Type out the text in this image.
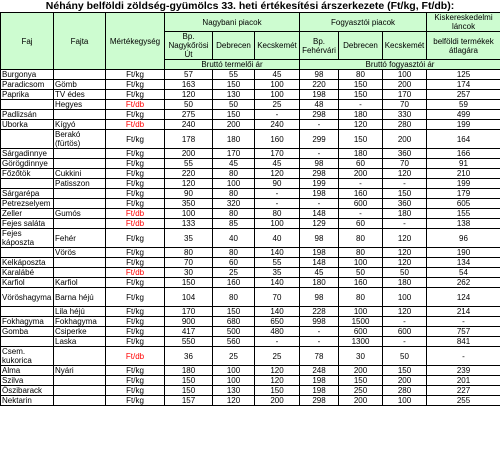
Néhány belföldi zöldség-gyümölcs 33. heti értékesítési árszerkezete (Ft/kg, Ft/db):
Faj	Fajta	Mértékegység	Nagybani piacok			Fogyasztói piacok			Kiskereskedelmi láncok
			Bp. Nagykőrösi Út	Debrecen	Kecskemét	Bp. Fehérvári	Debrecen	Kecskemét	belföldi termékek átlagára
			Bruttó termelői ár			Bruttó fogyasztói ár			
Burgonya		Ft/kg	57	55	45	98	80	100	125
Paradicsom	Gömb	Ft/kg	163	150	100	220	150	200	174
Paprika	TV édes	Ft/kg	120	130	100	198	150	170	257
	Hegyes	Ft/db	50	50	25	48	-	70	59
Padlizsán		Ft/kg	275	150	-	298	180	330	499
Uborka	Kígyó	Ft/db	240	200	240	-	120	280	199
	Berakó (fürtös)	Ft/kg	178	180	160	299	150	200	164
Sárgadinnye		Ft/kg	200	170	170	-	180	360	166
Görögdinnye		Ft/kg	55	45	45	98	60	70	91
Főzőtök	Cukkini	Ft/kg	220	80	120	298	200	120	210
	Patisszon	Ft/kg	120	100	90	199	-	-	199
Sárgarépa		Ft/kg	90	80	-	198	160	150	179
Petrezselyem		Ft/kg	350	320	-	-	600	360	605
Zeller	Gumós	Ft/db	100	80	80	148	-	180	155
Fejes saláta		Ft/db	133	85	100	129	60	-	138
Fejes káposzta	Fehér	Ft/kg	35	40	40	98	80	120	96
	Vörös	Ft/kg	80	80	140	198	80	120	190
Kelkáposzta		Ft/kg	70	60	55	148	100	120	134
Karalábé		Ft/db	30	25	35	45	50	50	54
Karfiol	Karfiol	Ft/kg	150	160	140	180	160	180	262
Vöröshagyma	Barna héjú	Ft/kg	104	80	70	98	80	100	124
	Lila héjú	Ft/kg	170	150	140	228	100	120	214
Fokhagyma	Fokhagyma	Ft/kg	900	680	650	998	1500	-	-
Gomba	Csiperke	Ft/kg	417	500	480	-	600	600	757
	Laska	Ft/kg	550	560	-	-	1300	-	841
Csem. kukorica		Ft/db	36	25	25	78	30	50	-
Alma	Nyári	Ft/kg	180	100	120	248	200	150	239
Szilva		Ft/kg	150	100	120	198	150	200	201
Őszibarack		Ft/kg	150	130	150	198	250	280	227
Nektarin		Ft/kg	157	120	200	298	200	100	255
